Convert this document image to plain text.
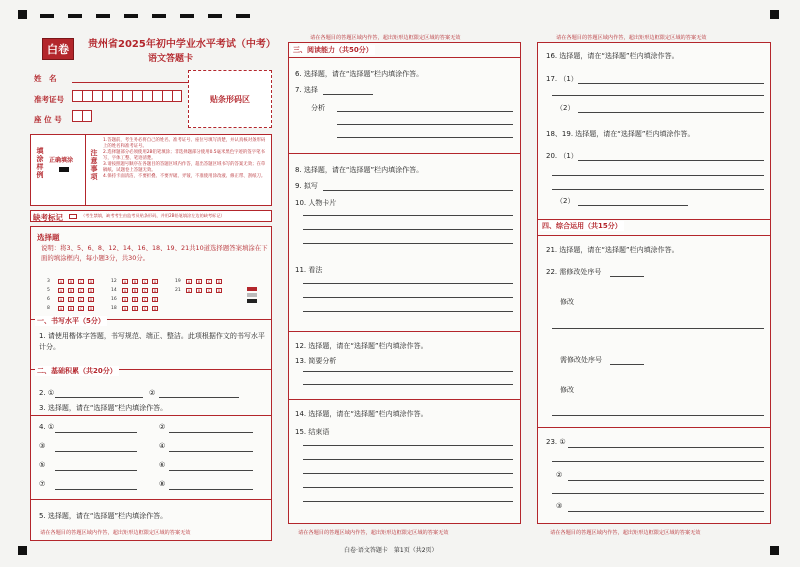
白卷	贵州省2025年初中学业水平考试（中考）
语文答题卡
姓　名
准考证号
座 位 号
贴条形码区
填涂样例 正确填涂 注意事项
1.答题前，考生务必将自己的姓名、准考证号、座位号填写清楚，并认真核对条形码上的姓名和准考证号。
2.选择题部分必须使用2B铅笔填涂；非选择题部分使用0.5毫米黑色字迹的签字笔书写，字体工整、笔迹清楚。
3.请按照题号顺序在各题目的答题区域内作答，超出答题区域书写的答案无效；在草稿纸、试题卷上答题无效。
4.保持卡面清洁，不要折叠、不要弄破、弄皱，不准使用涂改液、修正带、刮纸刀。
缺考标记	（考生禁填，缺考考生由监考员贴条形码，并用2B铅笔填涂左边的缺考标记）
选择题
说明：将3、5、6、8、12、14、16、18、19、21共10道选择题答案填涂在下面的填涂框内，每小题3分，共30分。
3	A	B	C	D
5	A	B	C	D
6	A	B	C	D
8	A	B	C	D
12	A	B	C	D
14	A	B	C	D
16	A	B	C	D
18	A	B	C	D
19	A	B	C	D
21	A	B	C	D
一、书写水平（5分）
1. 请使用楷体字答题，书写规范、端正、整洁。此项根据作文的书写水平计分。
二、基础积累（共20分）
2. ①	②
3. 选择题，请在“选择题”栏内填涂作答。
4. ①	②
③	④
⑤	⑥
⑦	⑧
5. 选择题，请在“选择题”栏内填涂作答。
请在各题目的答题区域内作答，超出矩形边框限定区域的答案无效
请在各题目的答题区域内作答，超出矩形边框限定区域的答案无效
三、阅读能力（共50分）
6. 选择题，请在“选择题”栏内填涂作答。
7. 选择
分析
8. 选择题，请在“选择题”栏内填涂作答。
9. 拟写
10. 人物卡片
11. 看法
12. 选择题，请在“选择题”栏内填涂作答。
13. 简要分析
14. 选择题，请在“选择题”栏内填涂作答。
15. 结束语
请在各题目的答题区域内作答，超出矩形边框限定区域的答案无效
白卷·语文答题卡　第1页（共2页）
请在各题目的答题区域内作答，超出矩形边框限定区域的答案无效
16. 选择题，请在“选择题”栏内填涂作答。
17. （1）
（2）
18、19. 选择题，请在“选择题”栏内填涂作答。
20. （1）
（2）
四、综合运用（共15分）
21. 选择题，请在“选择题”栏内填涂作答。
22. 需修改处序号
修改
需修改处序号
修改
23. ①
②
③
请在各题目的答题区域内作答，超出矩形边框限定区域的答案无效
